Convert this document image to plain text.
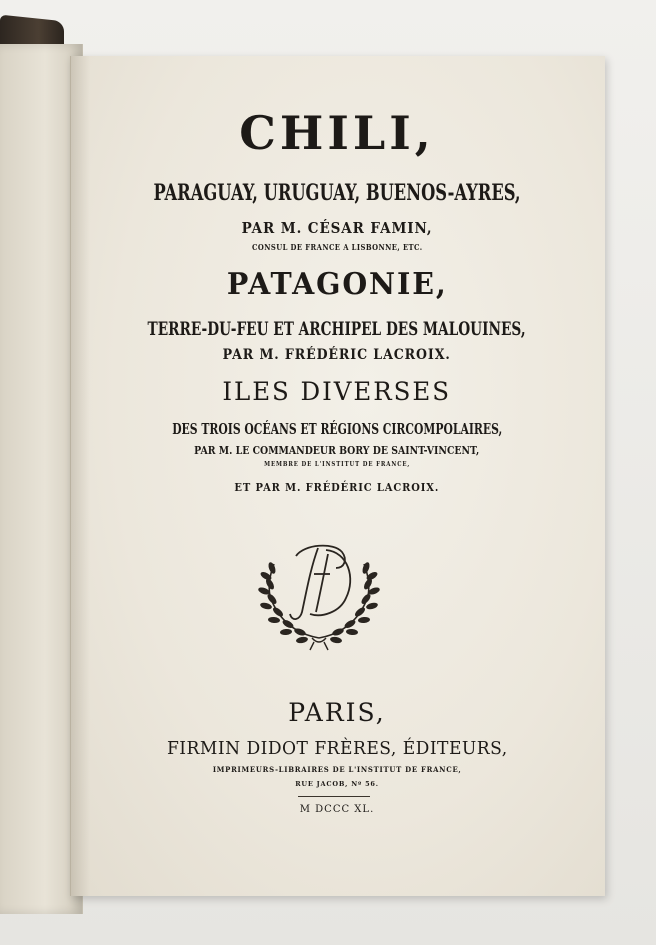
CHILI,
PARAGUAY, URUGUAY, BUENOS-AYRES,
PAR M. CÉSAR FAMIN,
CONSUL DE FRANCE A LISBONNE, ETC.
PATAGONIE,
TERRE-DU-FEU ET ARCHIPEL DES MALOUINES,
PAR M. FRÉDÉRIC LACROIX.
ILES DIVERSES
DES TROIS OCÉANS ET RÉGIONS CIRCOMPOLAIRES,
PAR M. LE COMMANDEUR BORY DE SAINT-VINCENT,
MEMBRE DE L'INSTITUT DE FRANCE,
ET PAR M. FRÉDÉRIC LACROIX.
PARIS,
FIRMIN DIDOT FRÈRES, ÉDITEURS,
IMPRIMEURS-LIBRAIRES DE L'INSTITUT DE FRANCE,
RUE JACOB, Nº 56.
M DCCC XL.
